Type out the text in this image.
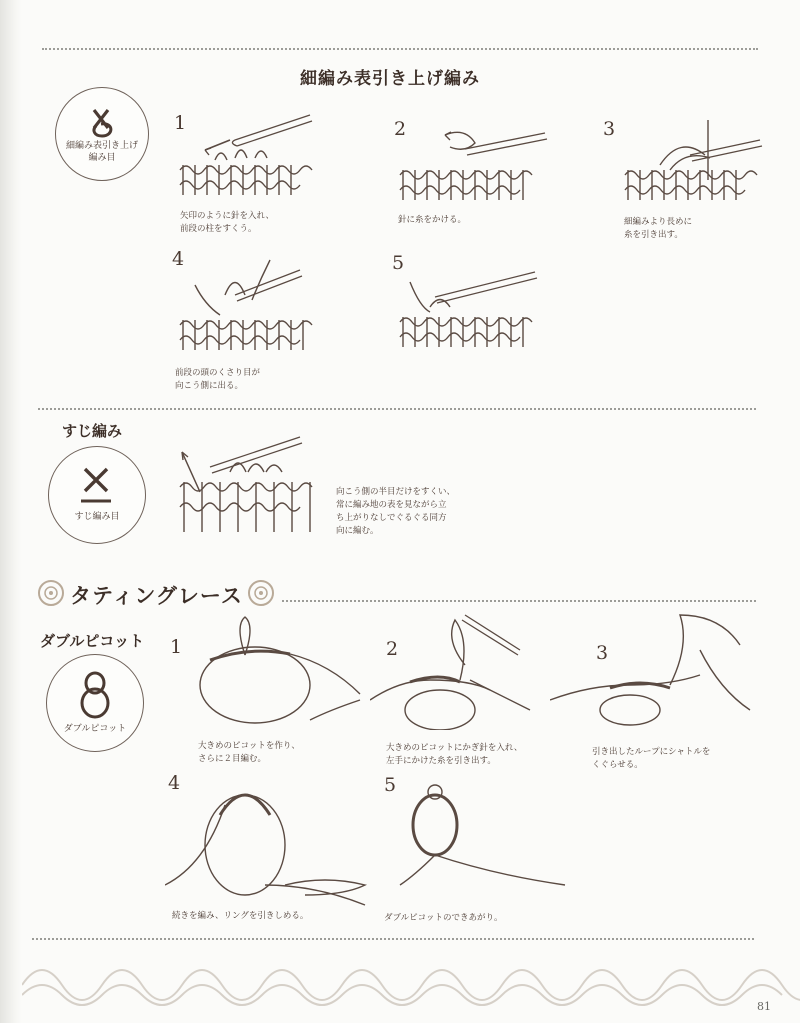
細編み表引き上げ編み
細編み表引き上げ
編み目
1	2	3
4	5
矢印のように針を入れ、
前段の柱をすくう。
針に糸をかける。	細編みより長めに
糸を引き出す。
前段の頭のくさり目が
向こう側に出る。
すじ編み
すじ編み目
向こう側の半目だけをすくい、
常に編み地の表を見ながら立
ち上がりなしでぐるぐる同方
向に編む。
タティングレース
ダブルピコット
ダブルピコット
1	2	3
4	5
大きめのピコットを作り、
さらに２目編む。
大きめのピコットにかぎ針を入れ、
左手にかけた糸を引き出す。
引き出したループにシャトルを
くぐらせる。
続きを編み、リングを引きしめる。	ダブルピコットのできあがり。
81
